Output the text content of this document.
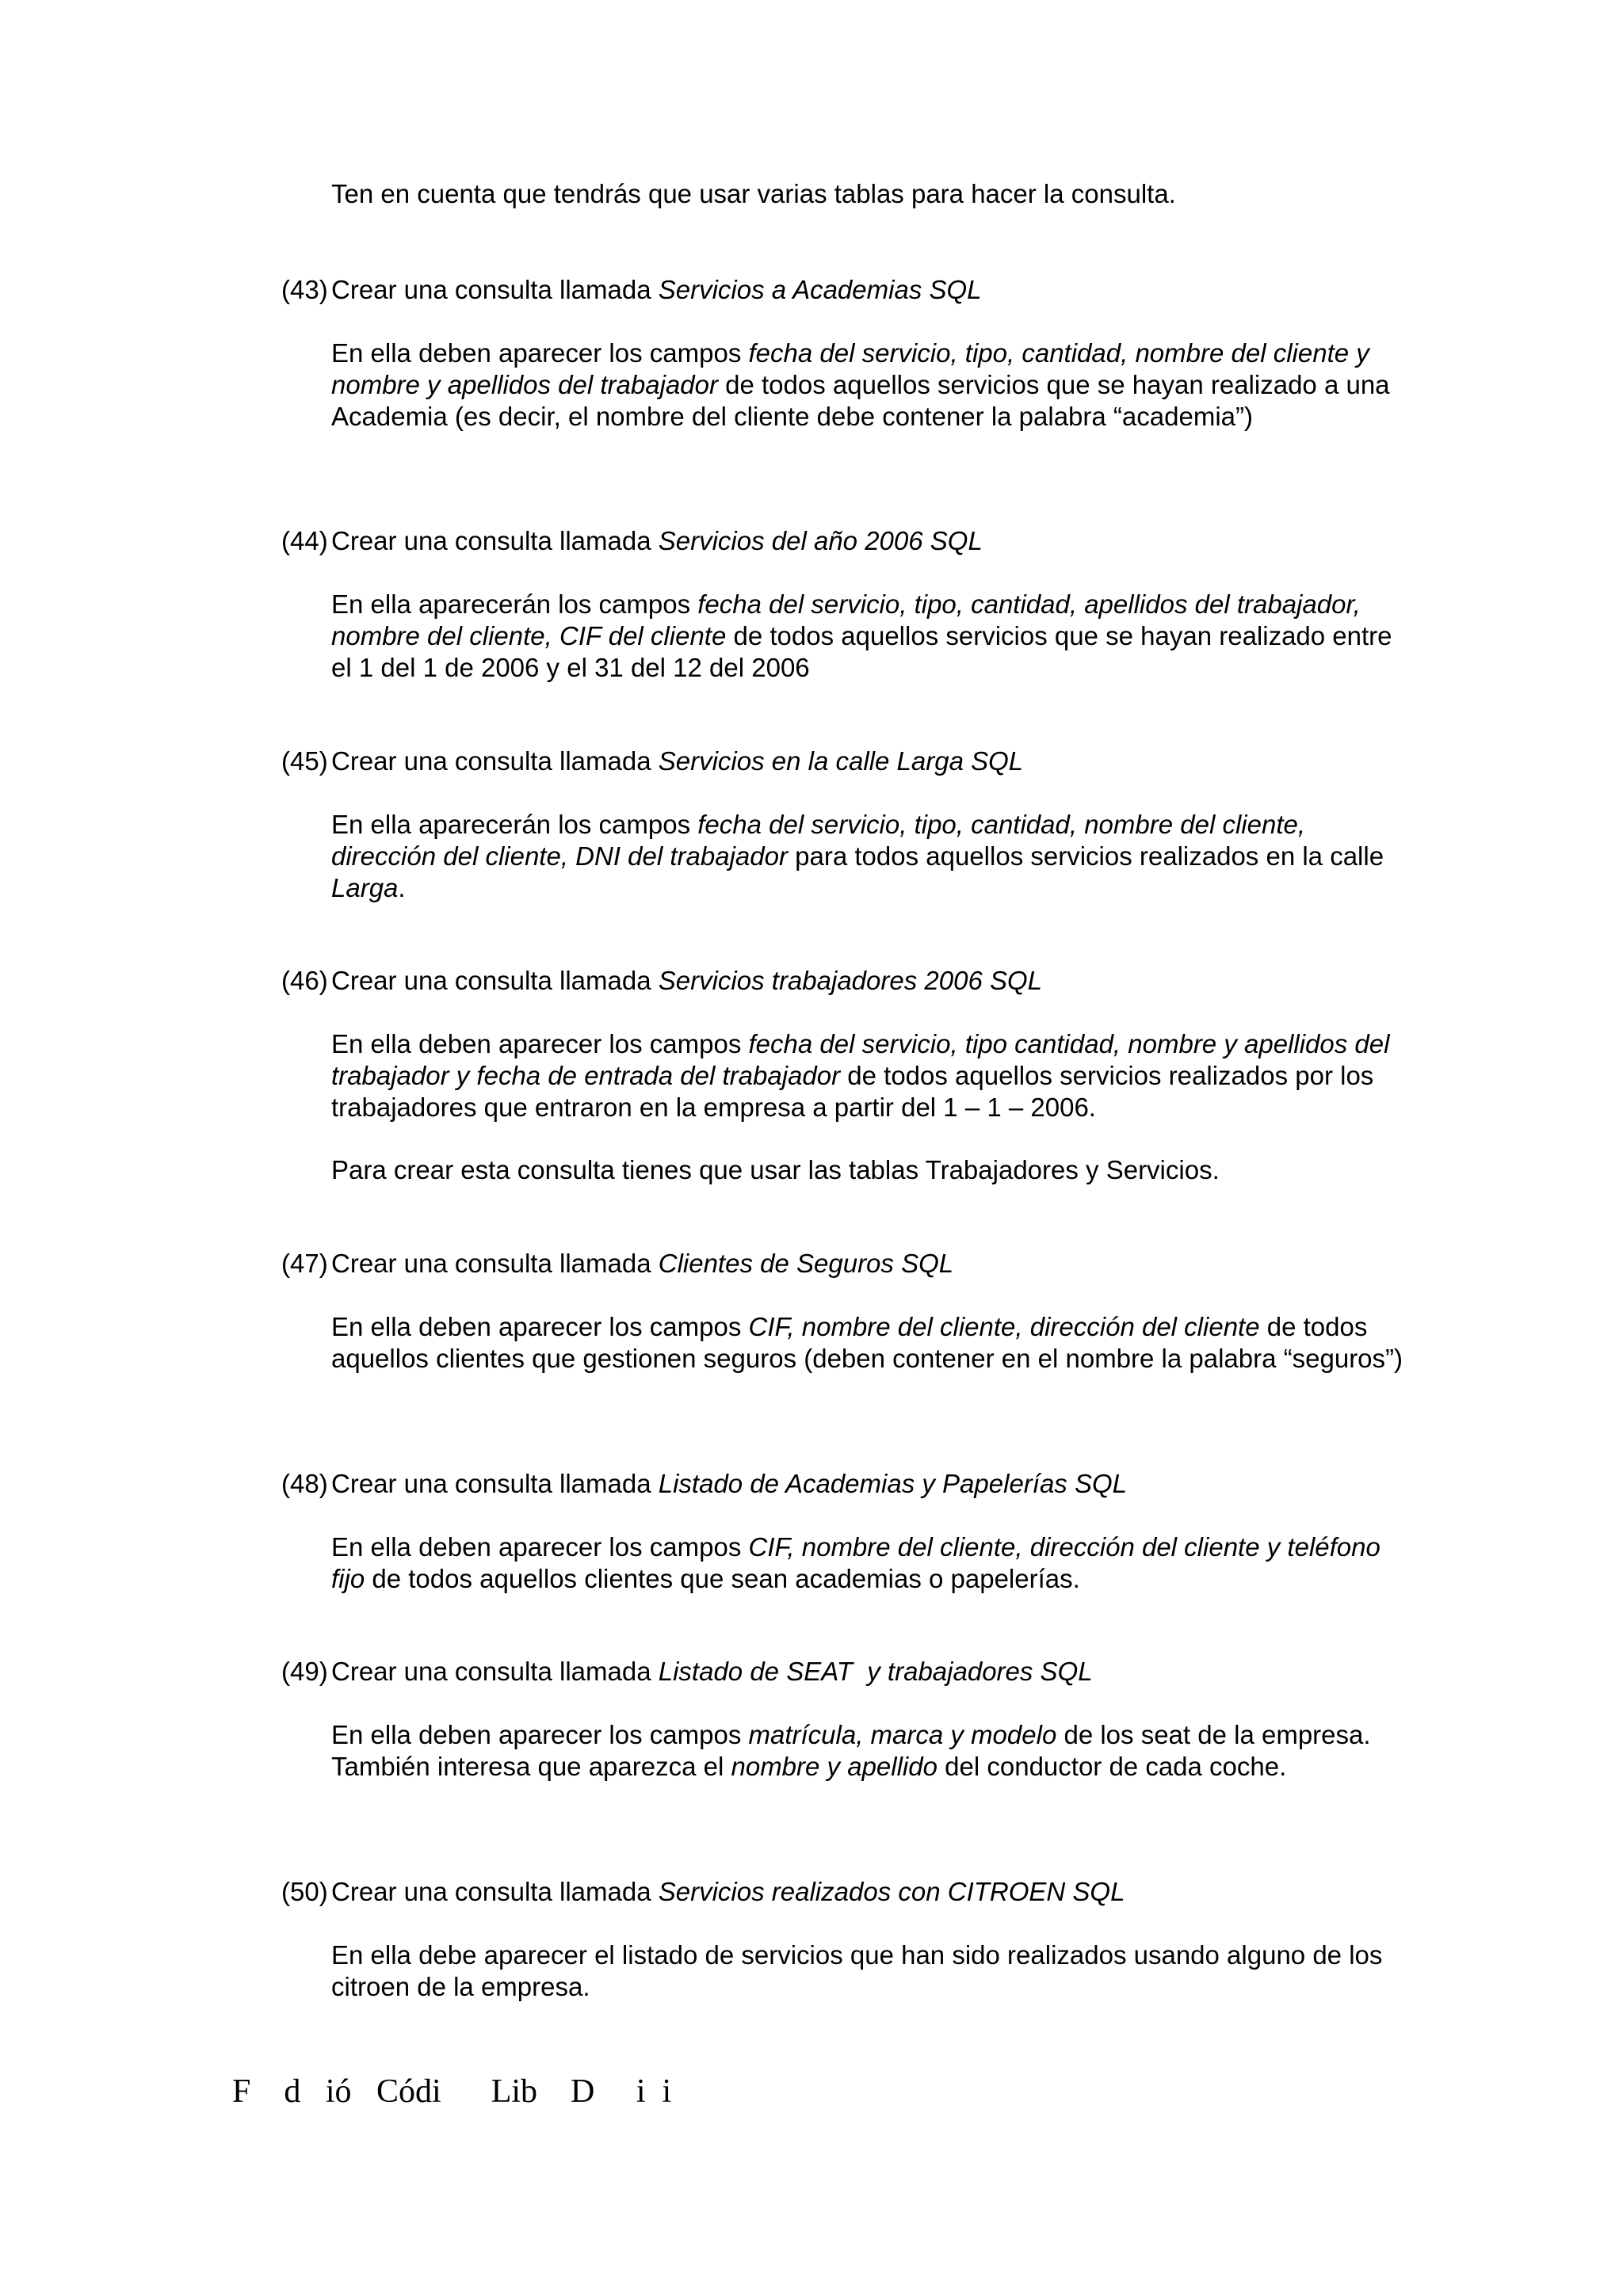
Ten en cuenta que tendrás que usar varias tablas para hacer la consulta.

(43) Crear una consulta llamada Servicios a Academias SQL

En ella deben aparecer los campos fecha del servicio, tipo, cantidad, nombre del cliente y nombre y apellidos del trabajador de todos aquellos servicios que se hayan realizado a una Academia (es decir, el nombre del cliente debe contener la palabra “academia”)

(44) Crear una consulta llamada Servicios del año 2006 SQL

En ella aparecerán los campos fecha del servicio, tipo, cantidad, apellidos del trabajador, nombre del cliente, CIF del cliente de todos aquellos servicios que se hayan realizado entre el 1 del 1 de 2006 y el 31 del 12 del 2006

(45) Crear una consulta llamada Servicios en la calle Larga SQL

En ella aparecerán los campos fecha del servicio, tipo, cantidad, nombre del cliente, dirección del cliente, DNI del trabajador para todos aquellos servicios realizados en la calle Larga.

(46) Crear una consulta llamada Servicios trabajadores 2006 SQL

En ella deben aparecer los campos fecha del servicio, tipo cantidad, nombre y apellidos del trabajador y fecha de entrada del trabajador de todos aquellos servicios realizados por los trabajadores que entraron en la empresa a partir del 1 – 1 – 2006.

Para crear esta consulta tienes que usar las tablas Trabajadores y Servicios.

(47) Crear una consulta llamada Clientes de Seguros SQL

En ella deben aparecer los campos CIF, nombre del cliente, dirección del cliente de todos aquellos clientes que gestionen seguros (deben contener en el nombre la palabra “seguros”)

(48) Crear una consulta llamada Listado de Academias y Papelerías SQL

En ella deben aparecer los campos CIF, nombre del cliente, dirección del cliente y teléfono fijo de todos aquellos clientes que sean academias o papelerías.

(49) Crear una consulta llamada Listado de SEAT  y trabajadores SQL

En ella deben aparecer los campos matrícula, marca y modelo de los seat de la empresa. También interesa que aparezca el nombre y apellido del conductor de cada coche.

(50) Crear una consulta llamada Servicios realizados con CITROEN SQL

En ella debe aparecer el listado de servicios que han sido realizados usando alguno de los citroen de la empresa.

F    d   ió   Códi      Lib    D     i  i
